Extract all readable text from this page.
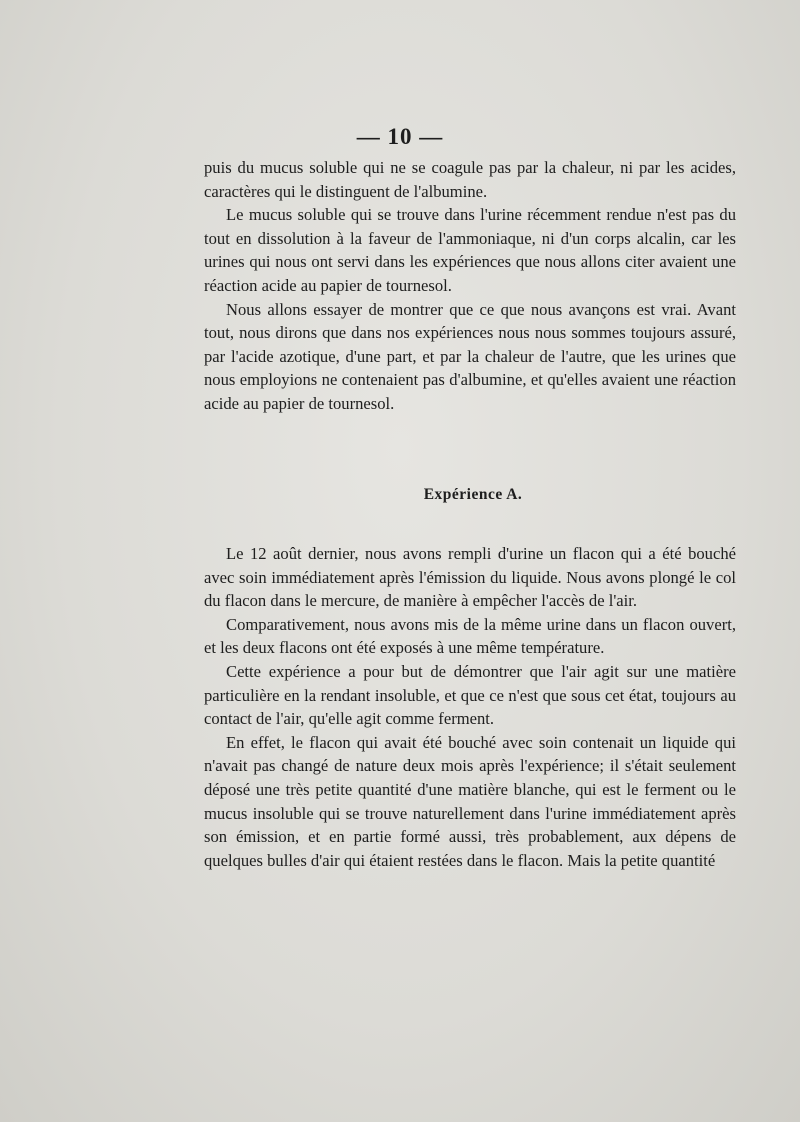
— 10 —

puis du mucus soluble qui ne se coagule pas par la chaleur, ni par les acides, caractères qui le distinguent de l'albumine.

Le mucus soluble qui se trouve dans l'urine récemment rendue n'est pas du tout en dissolution à la faveur de l'ammoniaque, ni d'un corps alcalin, car les urines qui nous ont servi dans les expériences que nous allons citer avaient une réaction acide au papier de tournesol.

Nous allons essayer de montrer que ce que nous avançons est vrai. Avant tout, nous dirons que dans nos expériences nous nous sommes toujours assuré, par l'acide azotique, d'une part, et par la chaleur de l'autre, que les urines que nous employions ne contenaient pas d'albumine, et qu'elles avaient une réaction acide au papier de tournesol.

Expérience A.

Le 12 août dernier, nous avons rempli d'urine un flacon qui a été bouché avec soin immédiatement après l'émission du liquide. Nous avons plongé le col du flacon dans le mercure, de manière à empêcher l'accès de l'air.

Comparativement, nous avons mis de la même urine dans un flacon ouvert, et les deux flacons ont été exposés à une même température.

Cette expérience a pour but de démontrer que l'air agit sur une matière particulière en la rendant insoluble, et que ce n'est que sous cet état, toujours au contact de l'air, qu'elle agit comme ferment.

En effet, le flacon qui avait été bouché avec soin contenait un liquide qui n'avait pas changé de nature deux mois après l'expérience; il s'était seulement déposé une très petite quantité d'une matière blanche, qui est le ferment ou le mucus insoluble qui se trouve naturellement dans l'urine immédiatement après son émission, et en partie formé aussi, très probablement, aux dépens de quelques bulles d'air qui étaient restées dans le flacon. Mais la petite quantité
